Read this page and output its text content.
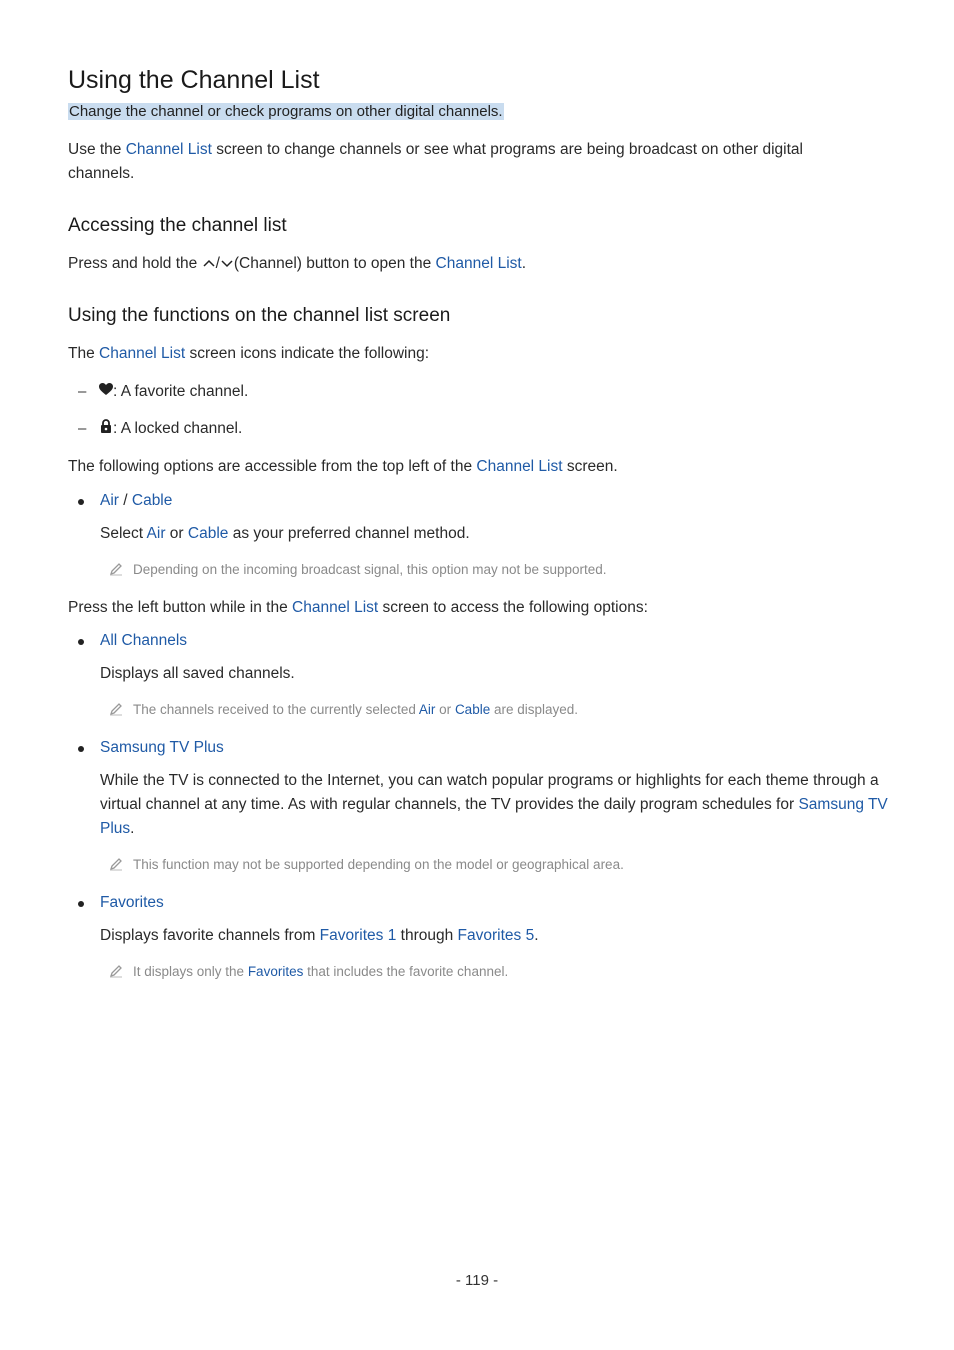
Using the Channel List
Change the channel or check programs on other digital channels.

Use the Channel List screen to change channels or see what programs are being broadcast on other digital channels.

Accessing the channel list

Press and hold the / (Channel) button to open the Channel List.

Using the functions on the channel list screen

The Channel List screen icons indicate the following:

–	: A favorite channel.
–	: A locked channel.

The following options are accessible from the top left of the Channel List screen.

Air / Cable

Select Air or Cable as your preferred channel method.

Depending on the incoming broadcast signal, this option may not be supported.

Press the left button while in the Channel List screen to access the following options:

All Channels

Displays all saved channels.

The channels received to the currently selected Air or Cable are displayed.
Samsung TV Plus

While the TV is connected to the Internet, you can watch popular programs or highlights for each theme through a virtual channel at any time. As with regular channels, the TV provides the daily program schedules for Samsung TV Plus.

This function may not be supported depending on the model or geographical area.
Favorites

Displays favorite channels from Favorites 1 through Favorites 5.

It displays only the Favorites that includes the favorite channel.
- 119 -
